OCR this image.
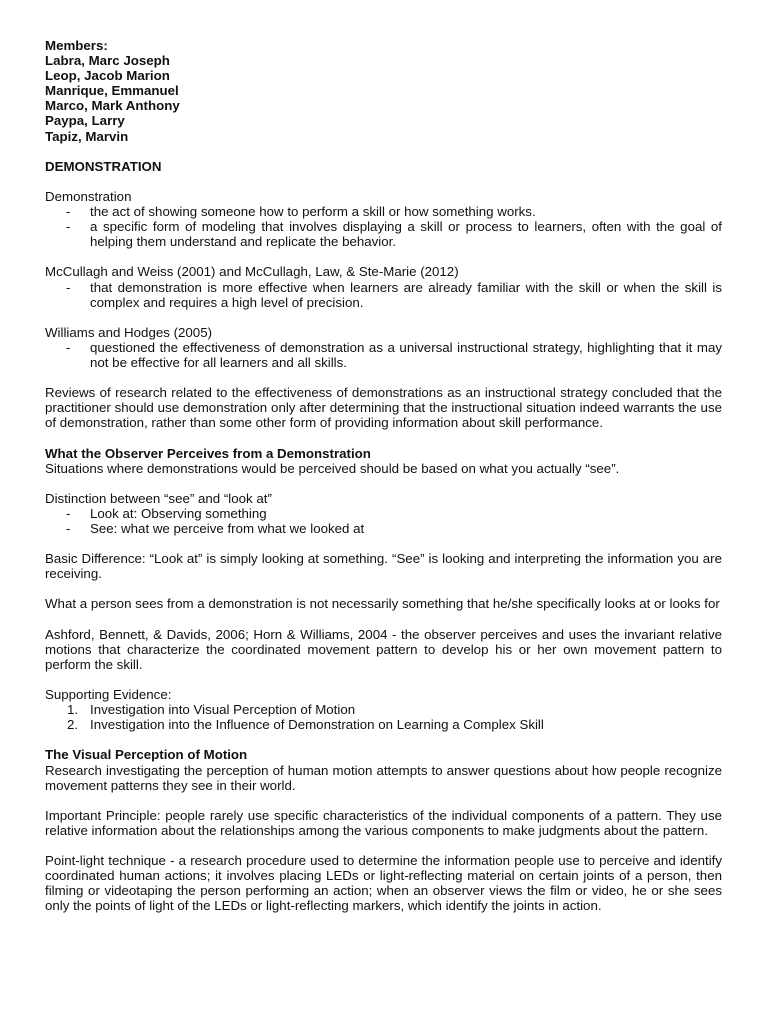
Members:

Labra, Marc Joseph

Leop, Jacob Marion

Manrique, Emmanuel

Marco, Mark Anthony

Paypa, Larry

Tapiz, Marvin

DEMONSTRATION

Demonstration

- the act of showing someone how to perform a skill or how something works.
- a specific form of modeling that involves displaying a skill or process to learners, often with the goal of helping them understand and replicate the behavior.

McCullagh and Weiss (2001) and McCullagh, Law, & Ste-Marie (2012)

- that demonstration is more effective when learners are already familiar with the skill or when the skill is complex and requires a high level of precision.

Williams and Hodges (2005)

- questioned the effectiveness of demonstration as a universal instructional strategy, highlighting that it may not be effective for all learners and all skills.

Reviews of research related to the effectiveness of demonstrations as an instructional strategy concluded that the practitioner should use demonstration only after determining that the instructional situation indeed warrants the use of demonstration, rather than some other form of providing information about skill performance.

What the Observer Perceives from a Demonstration

Situations where demonstrations would be perceived should be based on what you actually “see”.

Distinction between “see” and “look at”

- Look at: Observing something
- See: what we perceive from what we looked at

Basic Difference: “Look at” is simply looking at something. “See” is looking and interpreting the information you are receiving.

What a person sees from a demonstration is not necessarily something that he/she specifically looks at or looks for

Ashford, Bennett, & Davids, 2006; Horn & Williams, 2004 - the observer perceives and uses the invariant relative motions that characterize the coordinated movement pattern to develop his or her own movement pattern to perform the skill.

Supporting Evidence:

1. Investigation into Visual Perception of Motion
2. Investigation into the Influence of Demonstration on Learning a Complex Skill

The Visual Perception of Motion

Research investigating the perception of human motion attempts to answer questions about how people recognize movement patterns they see in their world.

Important Principle: people rarely use specific characteristics of the individual components of a pattern. They use relative information about the relationships among the various components to make judgments about the pattern.

Point-light technique - a research procedure used to determine the information people use to perceive and identify coordinated human actions; it involves placing LEDs or light-reflecting material on certain joints of a person, then filming or videotaping the person performing an action; when an observer views the film or video, he or she sees only the points of light of the LEDs or light-reflecting markers, which identify the joints in action.
